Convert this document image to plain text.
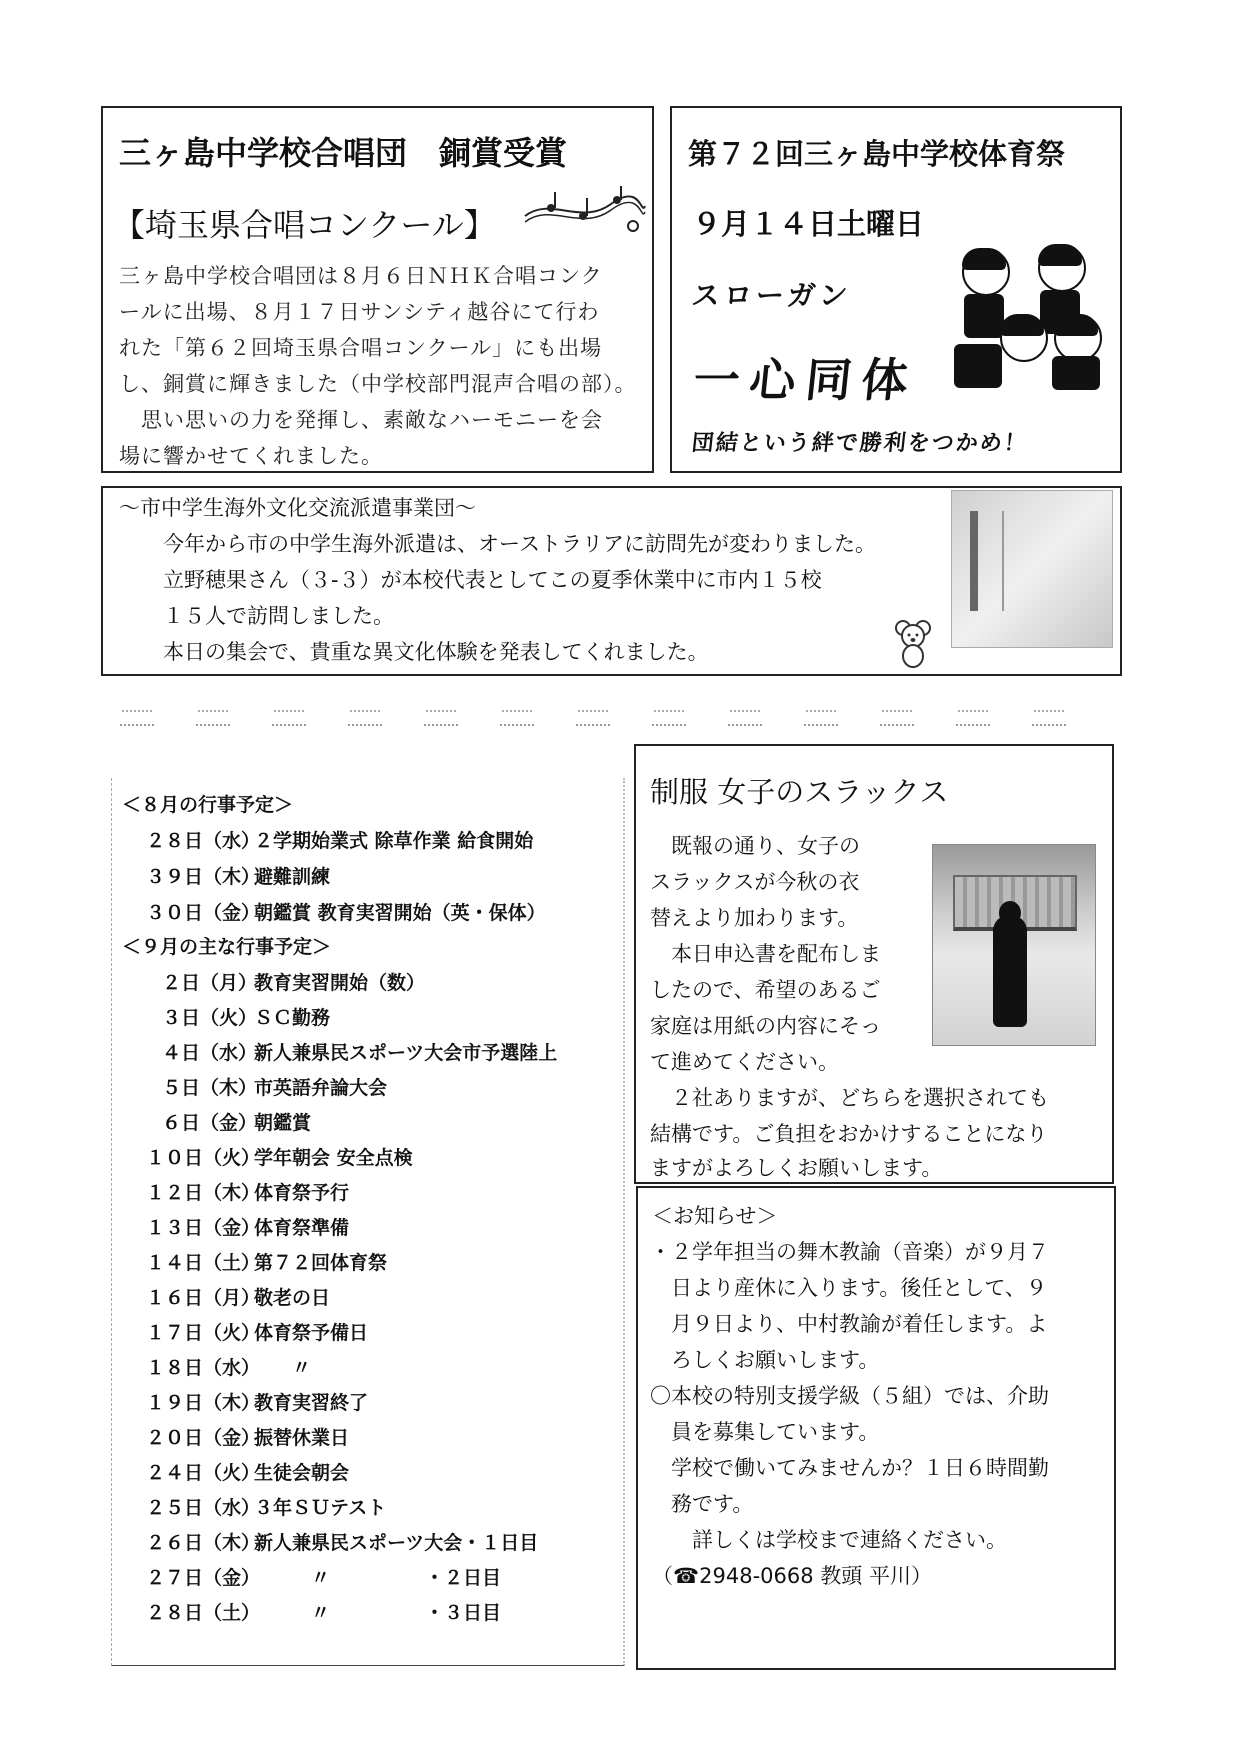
三ヶ島中学校合唱団　銅賞受賞
【埼玉県合唱コンクール】
三ヶ島中学校合唱団は８月６日ＮＨＫ合唱コンク
ールに出場、８月１７日サンシティ越谷にて行わ
れた「第６２回埼玉県合唱コンクール」にも出場
し、銅賞に輝きました（中学校部門混声合唱の部）。
　思い思いの力を発揮し、素敵なハーモニーを会
場に響かせてくれました。
第７２回三ヶ島中学校体育祭
９月１４日土曜日
スローガン
一心同体
団結という絆で勝利をつかめ！
～市中学生海外文化交流派遣事業団～
今年から市の中学生海外派遣は、オーストラリアに訪問先が変わりました。
立野穂果さん（３-３）が本校代表としてこの夏季休業中に市内１５校
１５人で訪問しました。
本日の集会で、貴重な異文化体験を発表してくれました。
＜８月の行事予定＞
２８日（水）
２学期始業式 除草作業 給食開始
３９日（木）
避難訓練
３０日（金）
朝鑑賞 教育実習開始（英・保体）
＜９月の主な行事予定＞
２日（月）
教育実習開始（数）
３日（火）
ＳＣ勤務
４日（水）
新人兼県民スポーツ大会市予選陸上
５日（木）
市英語弁論大会
６日（金）
朝鑑賞
１０日（火）
学年朝会 安全点検
１２日（木）
体育祭予行
１３日（金）
体育祭準備
１４日（土）
第７２回体育祭
１６日（月）
敬老の日
１７日（火）
体育祭予備日
１８日（水）
　　〃
１９日（木）
教育実習終了
２０日（金）
振替休業日
２４日（火）
生徒会朝会
２５日（水）
３年ＳＵテスト
２６日（木）
新人兼県民スポーツ大会・１日目
２７日（金）
　　　〃　　　　　・２日目
２８日（土）
　　　〃　　　　　・３日目
制服 女子のスラックス
　既報の通り、女子の
スラックスが今秋の衣
替えより加わります。
　本日申込書を配布しま
したので、希望のあるご
家庭は用紙の内容にそっ
て進めてください。
　２社ありますが、どちらを選択されても
結構です。ご負担をおかけすることになり
ますがよろしくお願いします。
＜お知らせ＞
・２学年担当の舞木教諭（音楽）が９月７
　日より産休に入ります。後任として、９
　月９日より、中村教諭が着任します。よ
　ろしくお願いします。
〇本校の特別支援学級（５組）では、介助
　員を募集しています。
　学校で働いてみませんか？１日６時間勤
　務です。
　　詳しくは学校まで連絡ください。
（☎2948-0668 教頭 平川）
